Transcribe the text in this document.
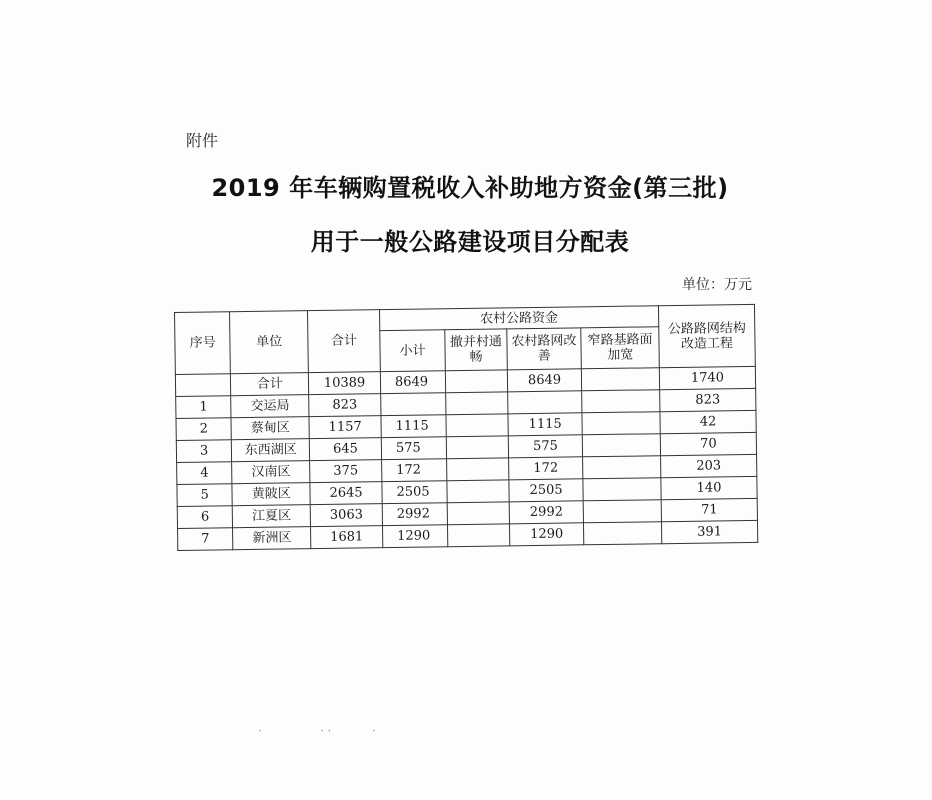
附件
2019 年车辆购置税收入补助地方资金(第三批)
用于一般公路建设项目分配表
单位：万元
序号	单位	合计	农村公路资金				公路路网结构改造工程
			小计	撤并村通畅	农村路网改善	窄路基路面加宽	
	合计	10389	8649		8649		1740
1	交运局	823					823
2	蔡甸区	1157	1115		1115		42
3	东西湖区	645	575		575		70
4	汉南区	375	172		172		203
5	黄陂区	2645	2505		2505		140
6	江夏区	3063	2992		2992		71
7	新洲区	1681	1290		1290		391
·	· ·	·
